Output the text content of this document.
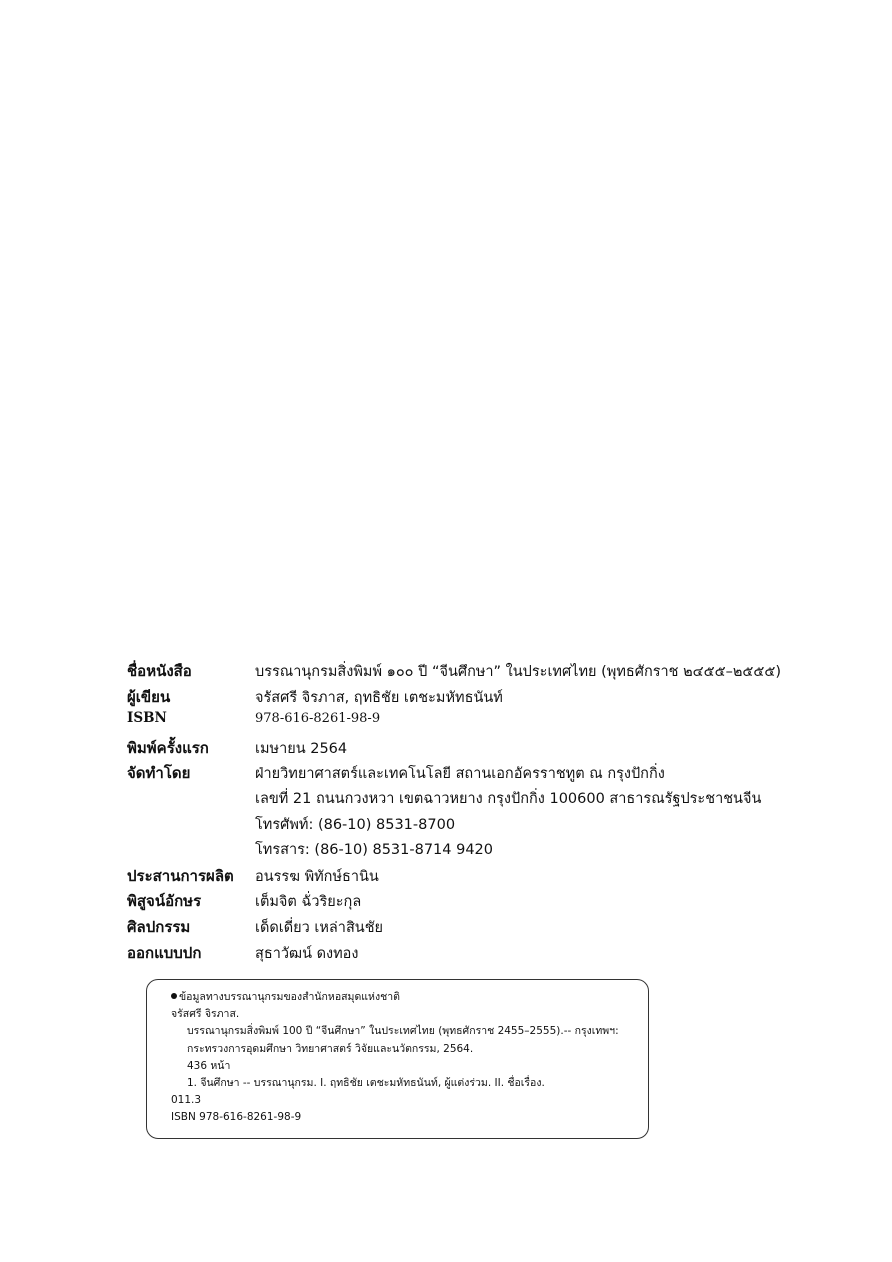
ชื่อหนังสือ	บรรณานุกรมสิ่งพิมพ์ ๑๐๐ ปี “จีนศึกษา” ในประเทศไทย (พุทธศักราช ๒๔๕๕–๒๕๕๕)
ผู้เขียน	จรัสศรี จิรภาส, ฤทธิชัย เตชะมหัทธนันท์
ISBN	978-616-8261-98-9
พิมพ์ครั้งแรก	เมษายน 2564
จัดทำโดย	ฝ่ายวิทยาศาสตร์และเทคโนโลยี สถานเอกอัครราชทูต ณ กรุงปักกิ่ง
เลขที่ 21 ถนนกวงหวา เขตฉาวหยาง กรุงปักกิ่ง 100600 สาธารณรัฐประชาชนจีน
โทรศัพท์: (86-10) 8531-8700
โทรสาร: (86-10) 8531-8714 9420
ประสานการผลิต	อนรรฆ พิทักษ์ธานิน
พิสูจน์อักษร	เต็มจิต ฉั่วริยะกุล
ศิลปกรรม	เด็ดเดี่ยว เหล่าสินชัย
ออกแบบปก	สุธาวัฒน์ ดงทอง
ข้อมูลทางบรรณานุกรมของสำนักหอสมุดแห่งชาติ
จรัสศรี จิรภาส.
บรรณานุกรมสิ่งพิมพ์ 100 ปี “จีนศึกษา” ในประเทศไทย (พุทธศักราช 2455–2555).-- กรุงเทพฯ:
กระทรวงการอุดมศึกษา วิทยาศาสตร์ วิจัยและนวัตกรรม, 2564.
436 หน้า
1. จีนศึกษา -- บรรณานุกรม. I. ฤทธิชัย เตชะมหัทธนันท์, ผู้แต่งร่วม. II. ชื่อเรื่อง.
011.3
ISBN 978-616-8261-98-9
